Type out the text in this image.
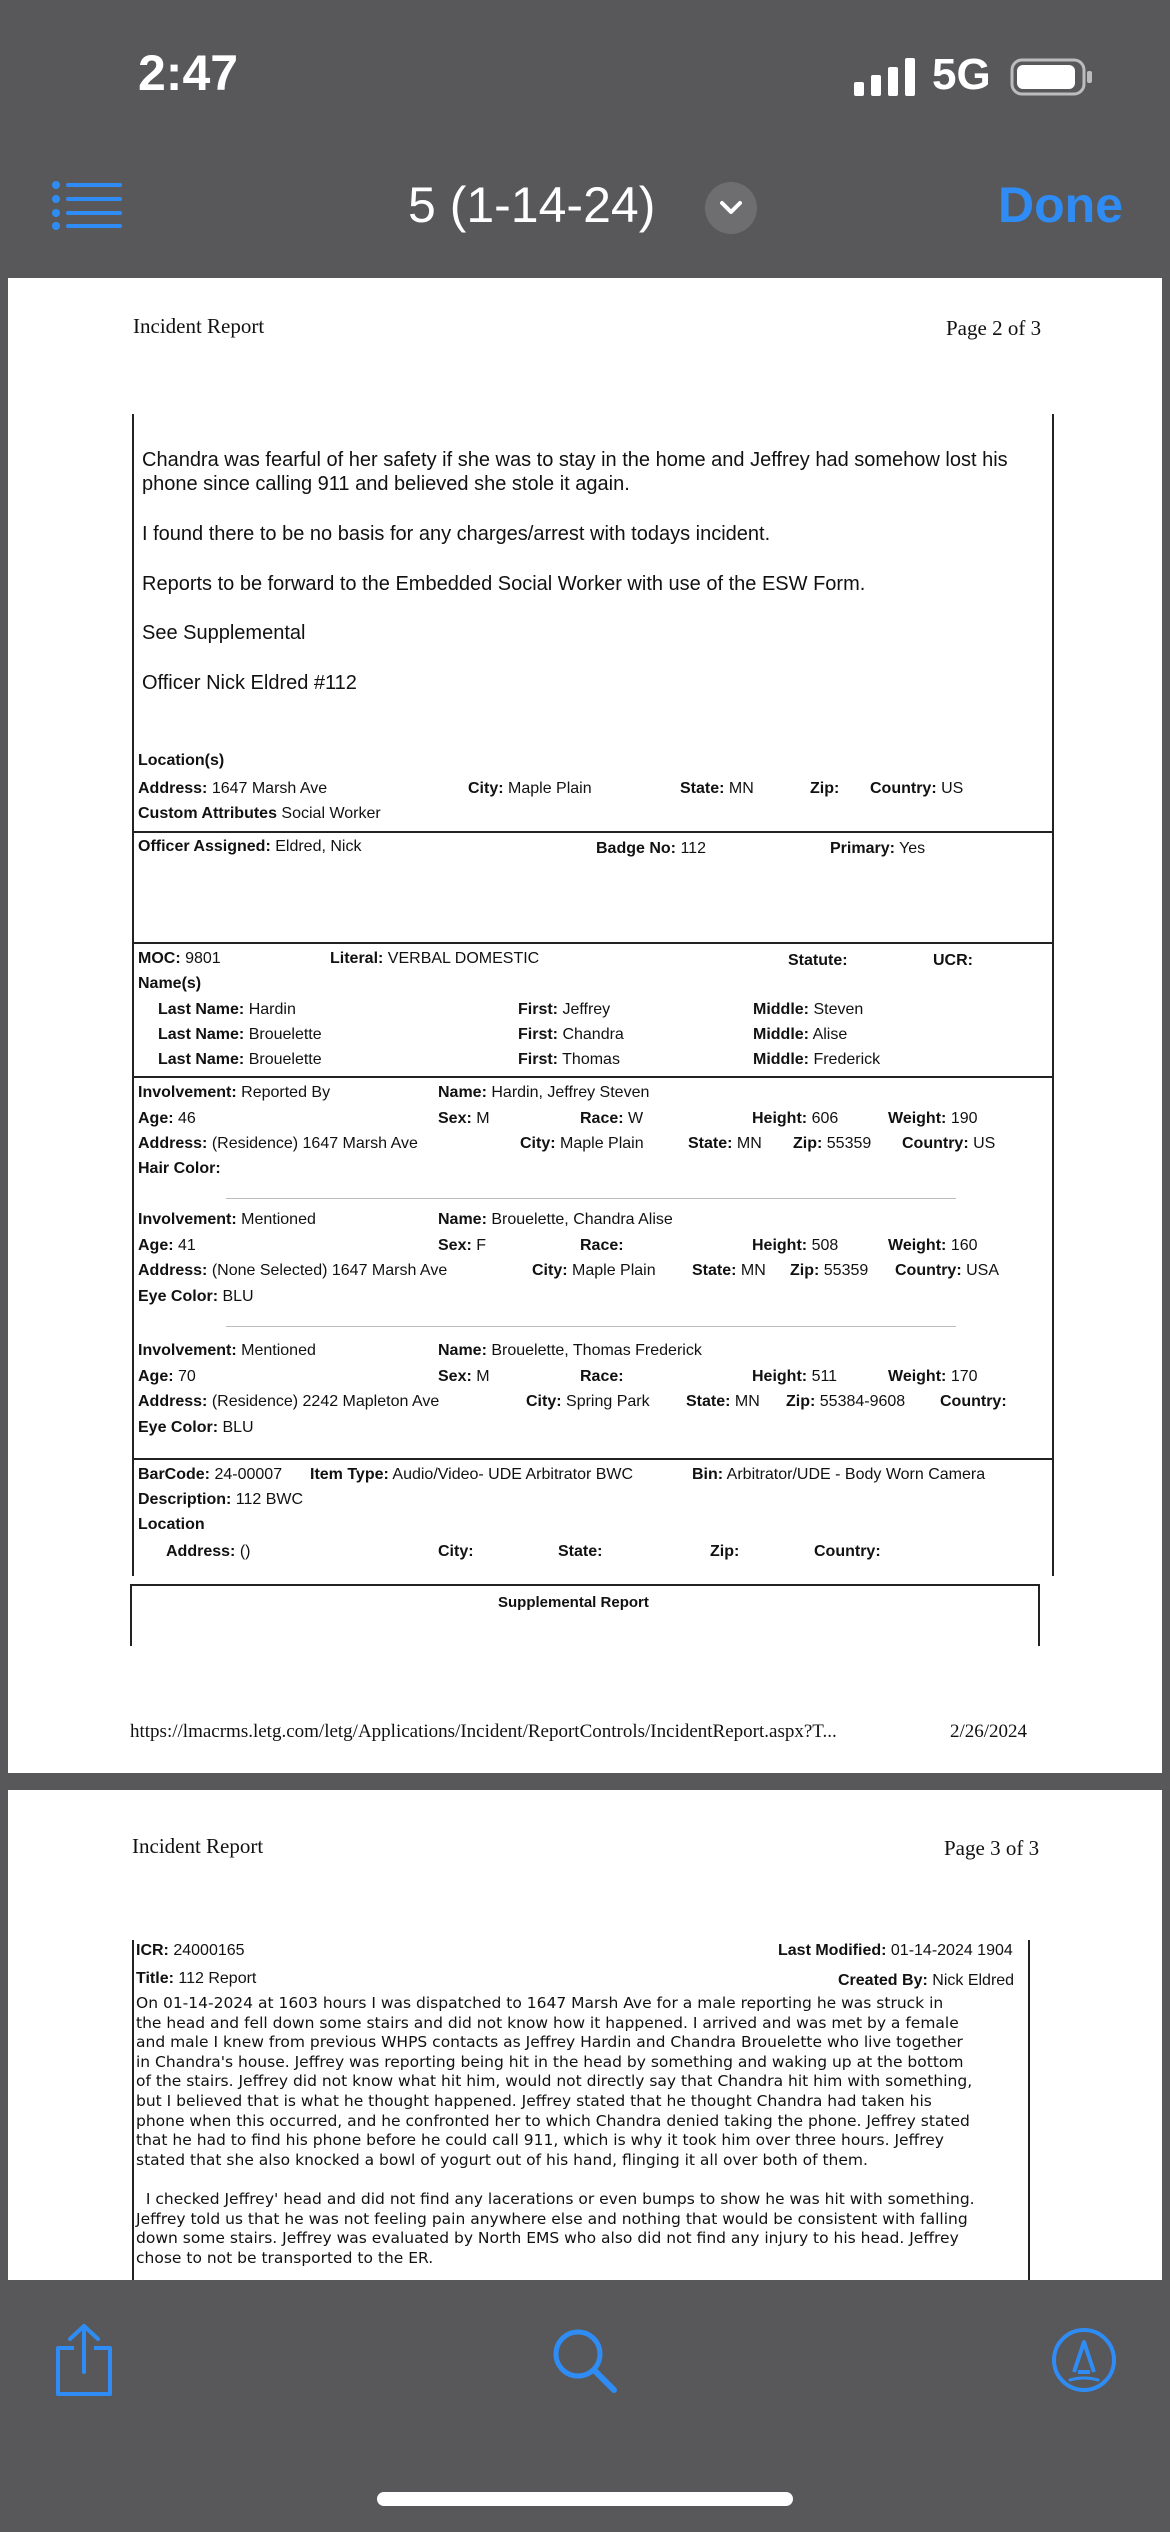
2:47	5G
5 (1-14-24)	Done
Incident Report	Page 2 of 3
Chandra was fearful of her safety if she was to stay in the home and Jeffrey had somehow lost his phone since calling 911 and believed she stole it again.
I found there to be no basis for any charges/arrest with todays incident.
Reports to be forward to the Embedded Social Worker with use of the ESW Form.
See Supplemental
Officer Nick Eldred #112
Location(s)
Address: 1647 Marsh Ave	City: Maple Plain	State: MN	Zip: Country: US
Custom Attributes Social Worker
Officer Assigned: Eldred, Nick	Badge No: 112	Primary: Yes
MOC: 9801	Literal: VERBAL DOMESTIC	Statute:	UCR:
Name(s)
Last Name: Hardin	First: Jeffrey	Middle: Steven
Last Name: Brouelette	First: Chandra	Middle: Alise
Last Name: Brouelette	First: Thomas	Middle: Frederick
Involvement: Reported By	Name: Hardin, Jeffrey Steven
Age: 46	Sex: M	Race: W	Height: 606	Weight: 190
Address: (Residence) 1647 Marsh Ave	City: Maple Plain	State: MN Zip: 55359 Country: US
Hair Color:
Involvement: Mentioned	Name: Brouelette, Chandra Alise
Age: 41	Sex: F	Race:	Height: 508	Weight: 160
Address: (None Selected) 1647 Marsh Ave	City: Maple Plain State: MN Zip: 55359 Country: USA
Eye Color: BLU
Involvement: Mentioned	Name: Brouelette, Thomas Frederick
Age: 70	Sex: M	Race:	Height: 511	Weight: 170
Address: (Residence) 2242 Mapleton Ave	City: Spring Park State: MN Zip: 55384-9608 Country:
Eye Color: BLU
BarCode: 24-00007 Item Type: Audio/Video- UDE Arbitrator BWC	Bin: Arbitrator/UDE - Body Worn Camera
Description: 112 BWC
Location
Address: ()	City:	State:	Zip:	Country:
Supplemental Report
https://lmacrms.letg.com/letg/Applications/Incident/ReportControls/IncidentReport.aspx?T...	2/26/2024
Incident Report	Page 3 of 3
ICR: 24000165	Last Modified: 01-14-2024 1904
Title: 112 Report	Created By: Nick Eldred
On 01-14-2024 at 1603 hours I was dispatched to 1647 Marsh Ave for a male reporting he was struck in
the head and fell down some stairs and did not know how it happened. I arrived and was met by a female
and male I knew from previous WHPS contacts as Jeffrey Hardin and Chandra Brouelette who live together
in Chandra's house. Jeffrey was reporting being hit in the head by something and waking up at the bottom
of the stairs. Jeffrey did not know what hit him, would not directly say that Chandra hit him with something,
but I believed that is what he thought happened. Jeffrey stated that he thought Chandra had taken his
phone when this occurred, and he confronted her to which Chandra denied taking the phone. Jeffrey stated
that he had to find his phone before he could call 911, which is why it took him over three hours. Jeffrey
stated that she also knocked a bowl of yogurt out of his hand, flinging it all over both of them.
I checked Jeffrey' head and did not find any lacerations or even bumps to show he was hit with something.
Jeffrey told us that he was not feeling pain anywhere else and nothing that would be consistent with falling
down some stairs. Jeffrey was evaluated by North EMS who also did not find any injury to his head. Jeffrey
chose to not be transported to the ER.
